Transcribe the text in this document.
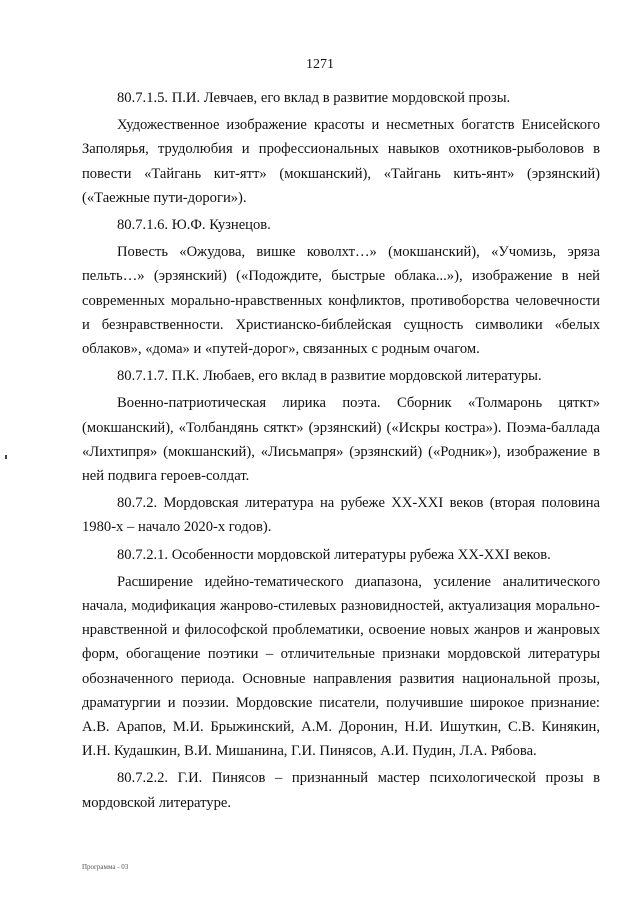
1271

80.7.1.5. П.И. Левчаев, его вклад в развитие мордовской прозы.

Художественное изображение красоты и несметных богатств Енисейского Заполярья, трудолюбия и профессиональных навыков охотников-рыболовов в повести «Тайгань кит-ятт» (мокшанский), «Тайгань кить-янт» (эрзянский) («Таежные пути-дороги»).

80.7.1.6. Ю.Ф. Кузнецов.

Повесть «Ожудова, вишке коволхт…» (мокшанский), «Учомизь, эряза пельть…» (эрзянский) («Подождите, быстрые облака...»), изображение в ней современных морально-нравственных конфликтов, противоборства человечности и безнравственности. Христианско-библейская сущность символики «белых облаков», «дома» и «путей-дорог», связанных с родным очагом.

80.7.1.7. П.К. Любаев, его вклад в развитие мордовской литературы.

Военно-патриотическая лирика поэта. Сборник «Толмаронь цяткт» (мокшанский), «Толбандянь сяткт» (эрзянский) («Искры костра»). Поэма-баллада «Лихтипря» (мокшанский), «Лисьмапря» (эрзянский) («Родник»), изображение в ней подвига героев-солдат.

80.7.2. Мордовская литература на рубеже XX-XXI веков (вторая половина 1980-х – начало 2020-х годов).

80.7.2.1. Особенности мордовской литературы рубежа XX-XXI веков.

Расширение идейно-тематического диапазона, усиление аналитического начала, модификация жанрово-стилевых разновидностей, актуализация морально-нравственной и философской проблематики, освоение новых жанров и жанровых форм, обогащение поэтики – отличительные признаки мордовской литературы обозначенного периода. Основные направления развития национальной прозы, драматургии и поэзии. Мордовские писатели, получившие широкое признание: А.В. Арапов, М.И. Брыжинский, А.М. Доронин, Н.И. Ишуткин, С.В. Кинякин, И.Н. Кудашкин, В.И. Мишанина, Г.И. Пинясов, А.И. Пудин, Л.А. Рябова.

80.7.2.2. Г.И. Пинясов – признанный мастер психологической прозы в мордовской литературе.

Программа - 03
